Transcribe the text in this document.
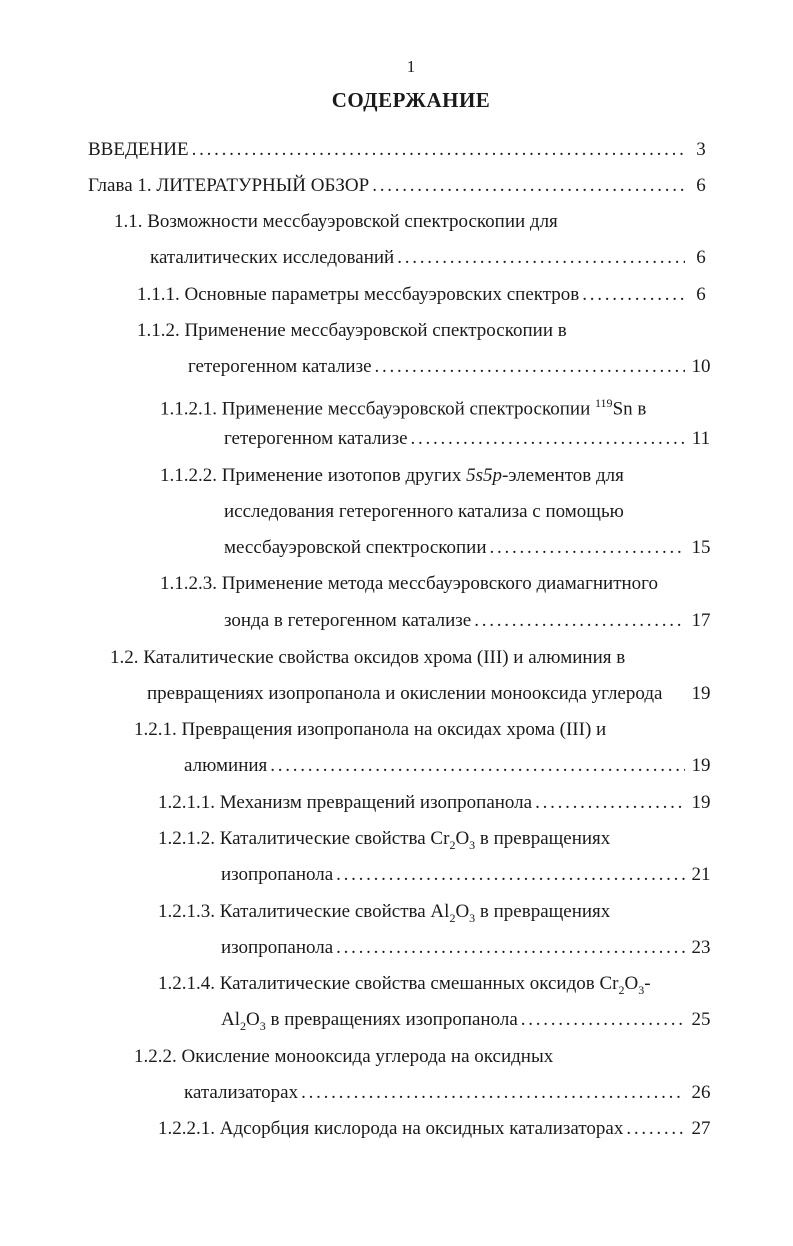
1
СОДЕРЖАНИЕ
ВВЕДЕНИЕ . . .	3
Глава 1. ЛИТЕРАТУРНЫЙ ОБЗОР . . .	6
1.1. Возможности мессбауэровской спектроскопии для
каталитических исследований . . .	6
1.1.1. Основные параметры мессбауэровских спектров . . .	6
1.1.2. Применение мессбауэровской спектроскопии в
гетерогенном катализе . . .	10
1.1.2.1. Применение мессбауэровской спектроскопии $^{119}$Sn в
гетерогенном катализе . . .	11
1.1.2.2. Применение изотопов других 5s5p-элементов для
исследования гетерогенного катализа с помощью
мессбауэровской спектроскопии . . .	15
1.1.2.3. Применение метода мессбауэровского диамагнитного
зонда в гетерогенном катализе . . .	17
1.2. Каталитические свойства оксидов хрома (III) и алюминия в
превращениях изопропанола и окислении монооксида углерода 19
1.2.1. Превращения изопропанола на оксидах хрома (III) и
алюминия . . .	19
1.2.1.1. Механизм превращений изопропанола . . .	19
1.2.1.2. Каталитические свойства $Cr_2O_3$ в превращениях
изопропанола . . .	21
1.2.1.3. Каталитические свойства $Al_2O_3$ в превращениях
изопропанола . . .	23
1.2.1.4. Каталитические свойства смешанных оксидов $Cr_2O_3-$
$Al_2O_3$ в превращениях изопропанола . . .	25
1.2.2. Окисление монооксида углерода на оксидных
катализаторах . . .	26
1.2.2.1. Адсорбция кислорода на оксидных катализаторах . . .	27
